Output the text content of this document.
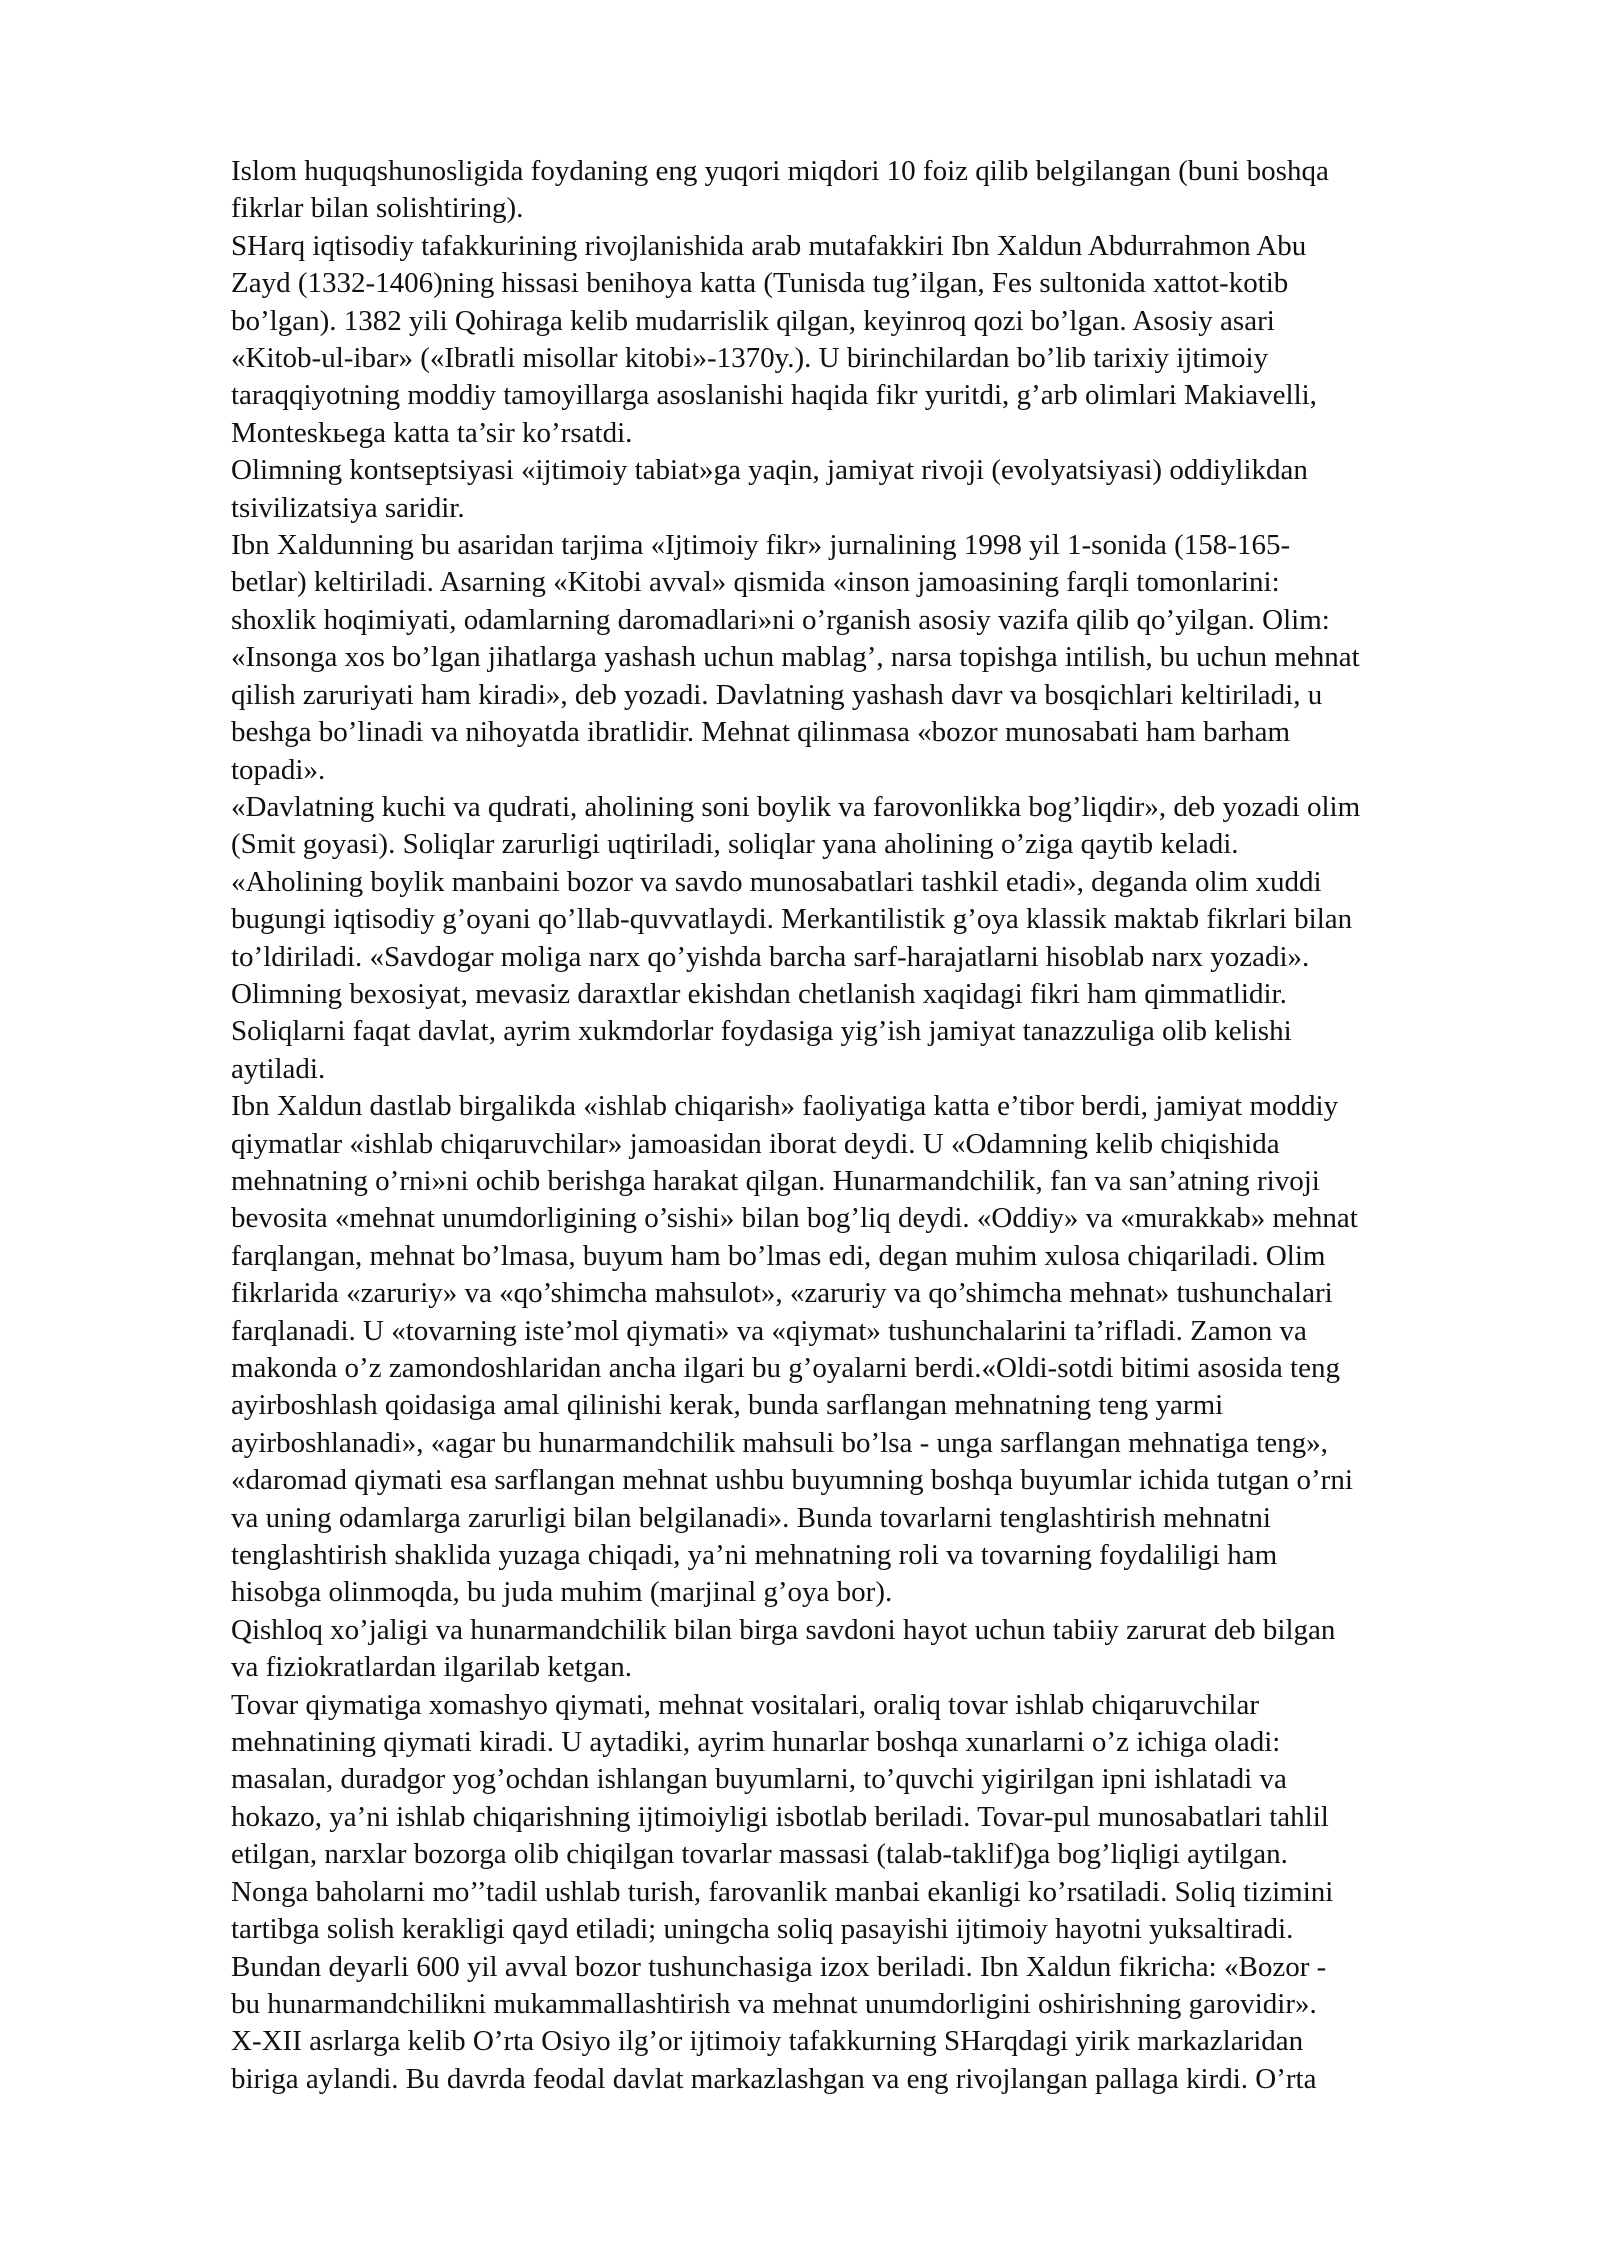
Islom huquqshunosligida foydaning eng yuqori miqdori 10 foiz qilib belgilangan (buni boshqa
fikrlar bilan solishtiring).

SHarq iqtisodiy tafakkurining rivojlanishida arab mutafakkiri Ibn Xaldun Abdurrahmon Abu
Zayd (1332-1406)ning hissasi benihoya katta (Tunisda tug’ilgan, Fes sultonida xattot-kotib
bo’lgan). 1382 yili Qohiraga kelib mudarrislik qilgan, keyinroq qozi bo’lgan. Asosiy asari
«Kitob-ul-ibar» («Ibratli misollar kitobi»-1370y.). U birinchilardan bo’lib tarixiy ijtimoiy
taraqqiyotning moddiy tamoyillarga asoslanishi haqida fikr yuritdi, g’arb olimlari Makiavelli,
Monteskьega katta ta’sir ko’rsatdi.

Olimning kontseptsiyasi «ijtimoiy tabiat»ga yaqin, jamiyat rivoji (evolyatsiyasi) oddiylikdan
tsivilizatsiya saridir.

Ibn Xaldunning bu asaridan tarjima «Ijtimoiy fikr» jurnalining 1998 yil 1-sonida (158-165-
betlar) keltiriladi. Asarning «Kitobi avval» qismida «inson jamoasining farqli tomonlarini:
shoxlik hoqimiyati, odamlarning daromadlari»ni o’rganish asosiy vazifa qilib qo’yilgan. Olim:
«Insonga xos bo’lgan jihatlarga yashash uchun mablag’, narsa topishga intilish, bu uchun mehnat
qilish zaruriyati ham kiradi», deb yozadi. Davlatning yashash davr va bosqichlari keltiriladi, u
beshga bo’linadi va nihoyatda ibratlidir. Mehnat qilinmasa «bozor munosabati ham barham
topadi».

«Davlatning kuchi va qudrati, aholining soni boylik va farovonlikka bog’liqdir», deb yozadi olim
(Smit goyasi). Soliqlar zarurligi uqtiriladi, soliqlar yana aholining o’ziga qaytib keladi.
«Aholining boylik manbaini bozor va savdo munosabatlari tashkil etadi», deganda olim xuddi
bugungi iqtisodiy g’oyani qo’llab-quvvatlaydi. Merkantilistik g’oya klassik maktab fikrlari bilan
to’ldiriladi. «Savdogar moliga narx qo’yishda barcha sarf-harajatlarni hisoblab narx yozadi».
Olimning bexosiyat, mevasiz daraxtlar ekishdan chetlanish xaqidagi fikri ham qimmatlidir.
Soliqlarni faqat davlat, ayrim xukmdorlar foydasiga yig’ish jamiyat tanazzuliga olib kelishi
aytiladi.

Ibn Xaldun dastlab birgalikda «ishlab chiqarish» faoliyatiga katta e’tibor berdi, jamiyat moddiy
qiymatlar «ishlab chiqaruvchilar» jamoasidan iborat deydi. U «Odamning kelib chiqishida
mehnatning o’rni»ni ochib berishga harakat qilgan. Hunarmandchilik, fan va san’atning rivoji
bevosita «mehnat unumdorligining o’sishi» bilan bog’liq deydi. «Oddiy» va «murakkab» mehnat
farqlangan, mehnat bo’lmasa, buyum ham bo’lmas edi, degan muhim xulosa chiqariladi. Olim
fikrlarida «zaruriy» va «qo’shimcha mahsulot», «zaruriy va qo’shimcha mehnat» tushunchalari
farqlanadi. U «tovarning iste’mol qiymati» va «qiymat» tushunchalarini ta’rifladi. Zamon va
makonda o’z zamondoshlaridan ancha ilgari bu g’oyalarni berdi.«Oldi-sotdi bitimi asosida teng
ayirboshlash qoidasiga amal qilinishi kerak, bunda sarflangan mehnatning teng yarmi
ayirboshlanadi», «agar bu hunarmandchilik mahsuli bo’lsa - unga sarflangan mehnatiga teng»,
«daromad qiymati esa sarflangan mehnat ushbu buyumning boshqa buyumlar ichida tutgan o’rni
va uning odamlarga zarurligi bilan belgilanadi». Bunda tovarlarni tenglashtirish mehnatni
tenglashtirish shaklida yuzaga chiqadi, ya’ni mehnatning roli va tovarning foydaliligi ham
hisobga olinmoqda, bu juda muhim (marjinal g’oya bor).

Qishloq xo’jaligi va hunarmandchilik bilan birga savdoni hayot uchun tabiiy zarurat deb bilgan
va fiziokratlardan ilgarilab ketgan.

Tovar qiymatiga xomashyo qiymati, mehnat vositalari, oraliq tovar ishlab chiqaruvchilar
mehnatining qiymati kiradi. U aytadiki, ayrim hunarlar boshqa xunarlarni o’z ichiga oladi:
masalan, duradgor yog’ochdan ishlangan buyumlarni, to’quvchi yigirilgan ipni ishlatadi va
hokazo, ya’ni ishlab chiqarishning ijtimoiyligi isbotlab beriladi. Tovar-pul munosabatlari tahlil
etilgan, narxlar bozorga olib chiqilgan tovarlar massasi (talab-taklif)ga bog’liqligi aytilgan.
Nonga baholarni mo’’tadil ushlab turish, farovanlik manbai ekanligi ko’rsatiladi. Soliq tizimini
tartibga solish kerakligi qayd etiladi; uningcha soliq pasayishi ijtimoiy hayotni yuksaltiradi.
Bundan deyarli 600 yil avval bozor tushunchasiga izox beriladi. Ibn Xaldun fikricha: «Bozor -
bu hunarmandchilikni mukammallashtirish va mehnat unumdorligini oshirishning garovidir».

X-XII asrlarga kelib O’rta Osiyo ilg’or ijtimoiy tafakkurning SHarqdagi yirik markazlaridan
biriga aylandi. Bu davrda feodal davlat markazlashgan va eng rivojlangan pallaga kirdi. O’rta
